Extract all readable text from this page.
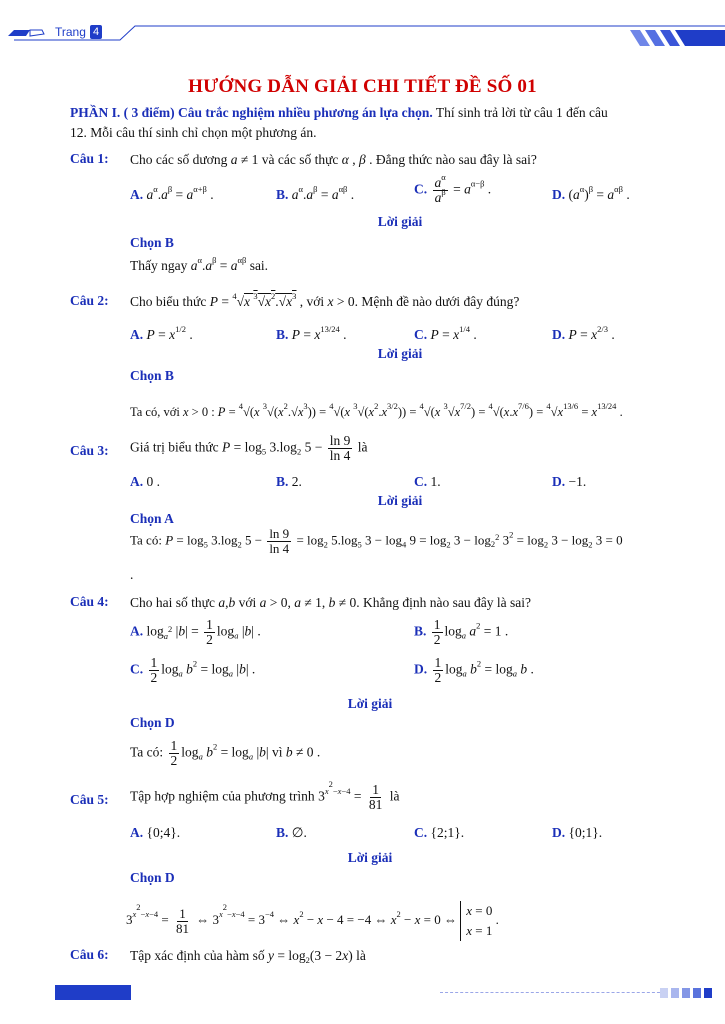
Trang 4
HƯỚNG DẪN GIẢI CHI TIẾT ĐỀ SỐ 01
PHẦN I. ( 3 điểm) Câu trắc nghiệm nhiều phương án lựa chọn. Thí sinh trả lời từ câu 1 đến câu
12. Mỗi câu thí sinh chỉ chọn một phương án.
Câu 1: Cho các số dương a ≠ 1 và các số thực α , β . Đẳng thức nào sau đây là sai?
A. $a^\alpha.a^\beta = a^{\alpha+\beta}$ .	B. $a^\alpha.a^\beta = a^{\alpha\beta}$ .	C. $\frac{a^\alpha}{a^\beta} = a^{\alpha-\beta}$ .	D. $(a^\alpha)^\beta = a^{\alpha\beta}$ .
Lời giải
Chọn B
Thấy ngay $a^\alpha.a^\beta = a^{\alpha\beta}$ sai.
Câu 2: Cho biểu thức P = $^4$√x $^3√x^2.√x^3$ , với x > 0. Mệnh đề nào dưới đây đúng?
A. $P = x^{1/2}$ .	B. $P = x^{13/24}$ .	C. $P = x^{1/4}$ .	D. $P = x^{2/3}$ .
Lời giải
Chọn B
Ta có, với x > 0 : P = $^4$√(x $^3√(x^2.√x^3)) = ^4√(x$ $^3√(x^2.x^{3/2})) = ^4√(x$ $^3√x^{7/2}) = ^4√(x.x^{7/6}) = ^4√x^{13/6} = x^{13/24}$ .
Câu 3: Giá trị biểu thức $P = \log_5 3.\log_2$ $5 - \frac{\ln 9}{\ln 4}$ là
A. 0 .	B. 2.	C. 1.	D. −1.
Lời giải
Chọn A
Ta có: $P = \log_5 3.\log_2$ $5 - \frac{\ln 9}{\ln 4} = \log_2 5.\log_5$ $3 - \log_4 9 = \log_2 3 - \log_{2^2} 3^2 = \log_2 3 - \log_2 3 = 0$
.
Câu 4: Cho hai số thực a,b với a > 0, a ≠ 1, b ≠ 0. Khẳng định nào sau đây là sai?
A. $\log_{a^2} |b| = \frac{1}{2} \log_a |b|$ .	B. $\frac{1}{2} \log_a a^2 = 1$ .
C. $\frac{1}{2} \log_a b^2 = \log_a |b|$ .	D. $\frac{1}{2} \log_a b^2 = \log_a b$ .
Lời giải
Chọn D
Ta có: $\frac{1}{2} \log_a b^2 = \log_a |b|$ vì b ≠ 0 .
Câu 5: Tập hợp nghiệm của phương trình $3^{x^2-x-4} = \frac{1}{81}$ là
A. {0;4}.	B. ∅.	C. {2;1}.	D. {0;1}.
Lời giải
Chọn D
$3^{x^2-x-4} = \frac{1}{81}$ ⇔ $3^{x^2-x-4} = 3^{-4}$ ⇔ $x^2 - x - 4 = -4$ ⇔ $x^2 - x = 0$ ⇔
x = 0
x = 1
.
Câu 6: Tập xác định của hàm số $y = \log_2(3 - 2x)$ là
